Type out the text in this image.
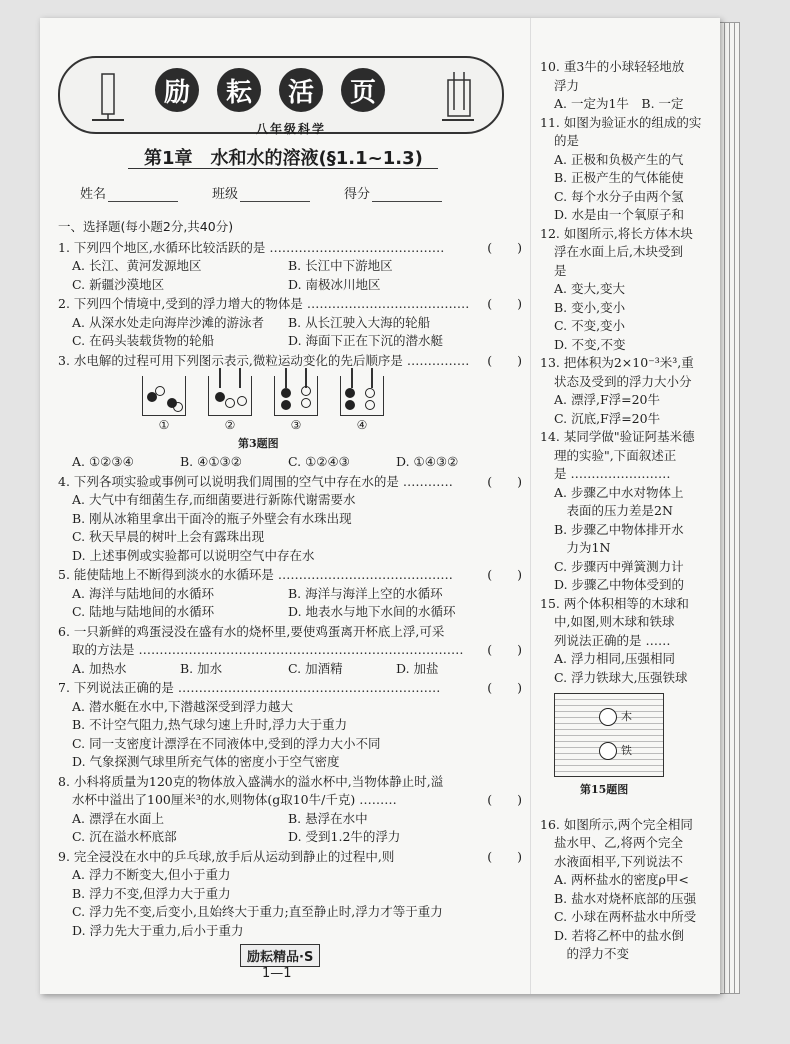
励	耘	活	页
八年级科学
第1章　水和水的溶液(§1.1~1.3)
姓名	班级	得分
一、选择题(每小题2分,共40分)
(　　)
1. 下列四个地区,水循环比较活跃的是 ……………………………………
A. 长江、黄河发源地区	B. 长江中下游地区
C. 新疆沙漠地区	D. 南极冰川地区
(　　)
2. 下列四个情境中,受到的浮力增大的物体是 …………………………………
A. 从深水处走向海岸沙滩的游泳者	B. 从长江驶入大海的轮船
C. 在码头装载货物的轮船	D. 海面下正在下沉的潜水艇
(　　)
3. 水电解的过程可用下列图示表示,微粒运动变化的先后顺序是 ……………
①	②	③	④
第3题图
A. ①②③④	B. ④①③②	C. ①②④③	D. ①④③②
(　　)
4. 下列各项实验或事例可以说明我们周围的空气中存在水的是 …………
A. 大气中有细菌生存,而细菌要进行新陈代谢需要水
B. 刚从冰箱里拿出干面冷的瓶子外壁会有水珠出现
C. 秋天早晨的树叶上会有露珠出现
D. 上述事例或实验都可以说明空气中存在水
(　　)
5. 能使陆地上不断得到淡水的水循环是 ……………………………………
A. 海洋与陆地间的水循环	B. 海洋与海洋上空的水循环
C. 陆地与陆地间的水循环	D. 地表水与地下水间的水循环
6. 一只新鲜的鸡蛋浸没在盛有水的烧杯里,要使鸡蛋离开杯底上浮,可采
(　　)
取的方法是 ……………………………………………………………………
A. 加热水	B. 加水	C. 加酒精	D. 加盐
(　　)
7. 下列说法正确的是 ………………………………………………………
A. 潜水艇在水中,下潜越深受到浮力越大
B. 不计空气阻力,热气球匀速上升时,浮力大于重力
C. 同一支密度计漂浮在不同液体中,受到的浮力大小不同
D. 气象探测气球里所充气体的密度小于空气密度
8. 小科将质量为120克的物体放入盛满水的溢水杯中,当物体静止时,溢
(　　)
水杯中溢出了100厘米³的水,则物体(g取10牛/千克) ………
A. 漂浮在水面上	B. 悬浮在水中
C. 沉在溢水杯底部	D. 受到1.2牛的浮力
(　　)
9. 完全浸没在水中的乒乓球,放手后从运动到静止的过程中,则
A. 浮力不断变大,但小于重力
B. 浮力不变,但浮力大于重力
C. 浮力先不变,后变小,且始终大于重力;直至静止时,浮力才等于重力
D. 浮力先大于重力,后小于重力
10. 重3牛的小球轻轻地放
浮力
A. 一定为1牛　B. 一定
11. 如图为验证水的组成的实
的是
A. 正极和负极产生的气
B. 正极产生的气体能使
C. 每个水分子由两个氢
D. 水是由一个氧原子和
12. 如图所示,将长方体木块
浮在水面上后,木块受到
是
A. 变大,变大
B. 变小,变小
C. 不变,变小
D. 不变,不变
13. 把体积为2×10⁻³米³,重
状态及受到的浮力大小分
A. 漂浮,F浮=20牛
C. 沉底,F浮=20牛
14. 某同学做"验证阿基米德
理的实验",下面叙述正
是 ……………………
A. 步骤乙中水对物体上
　表面的压力差是2N
B. 步骤乙中物体排开水
　力为1N
C. 步骤丙中弹簧测力计
D. 步骤乙中物体受到的
15. 两个体积相等的木球和
中,如图,则木球和铁球
列说法正确的是 ……
A. 浮力相同,压强相同
C. 浮力铁球大,压强铁球
木
铁
第15题图
16. 如图所示,两个完全相同
盐水甲、乙,将两个完全
水液面相平,下列说法不
A. 两杯盐水的密度ρ甲<
B. 盐水对烧杯底部的压强
C. 小球在两杯盐水中所受
D. 若将乙杯中的盐水倒
　的浮力不变
励耘精品·S
1—1
